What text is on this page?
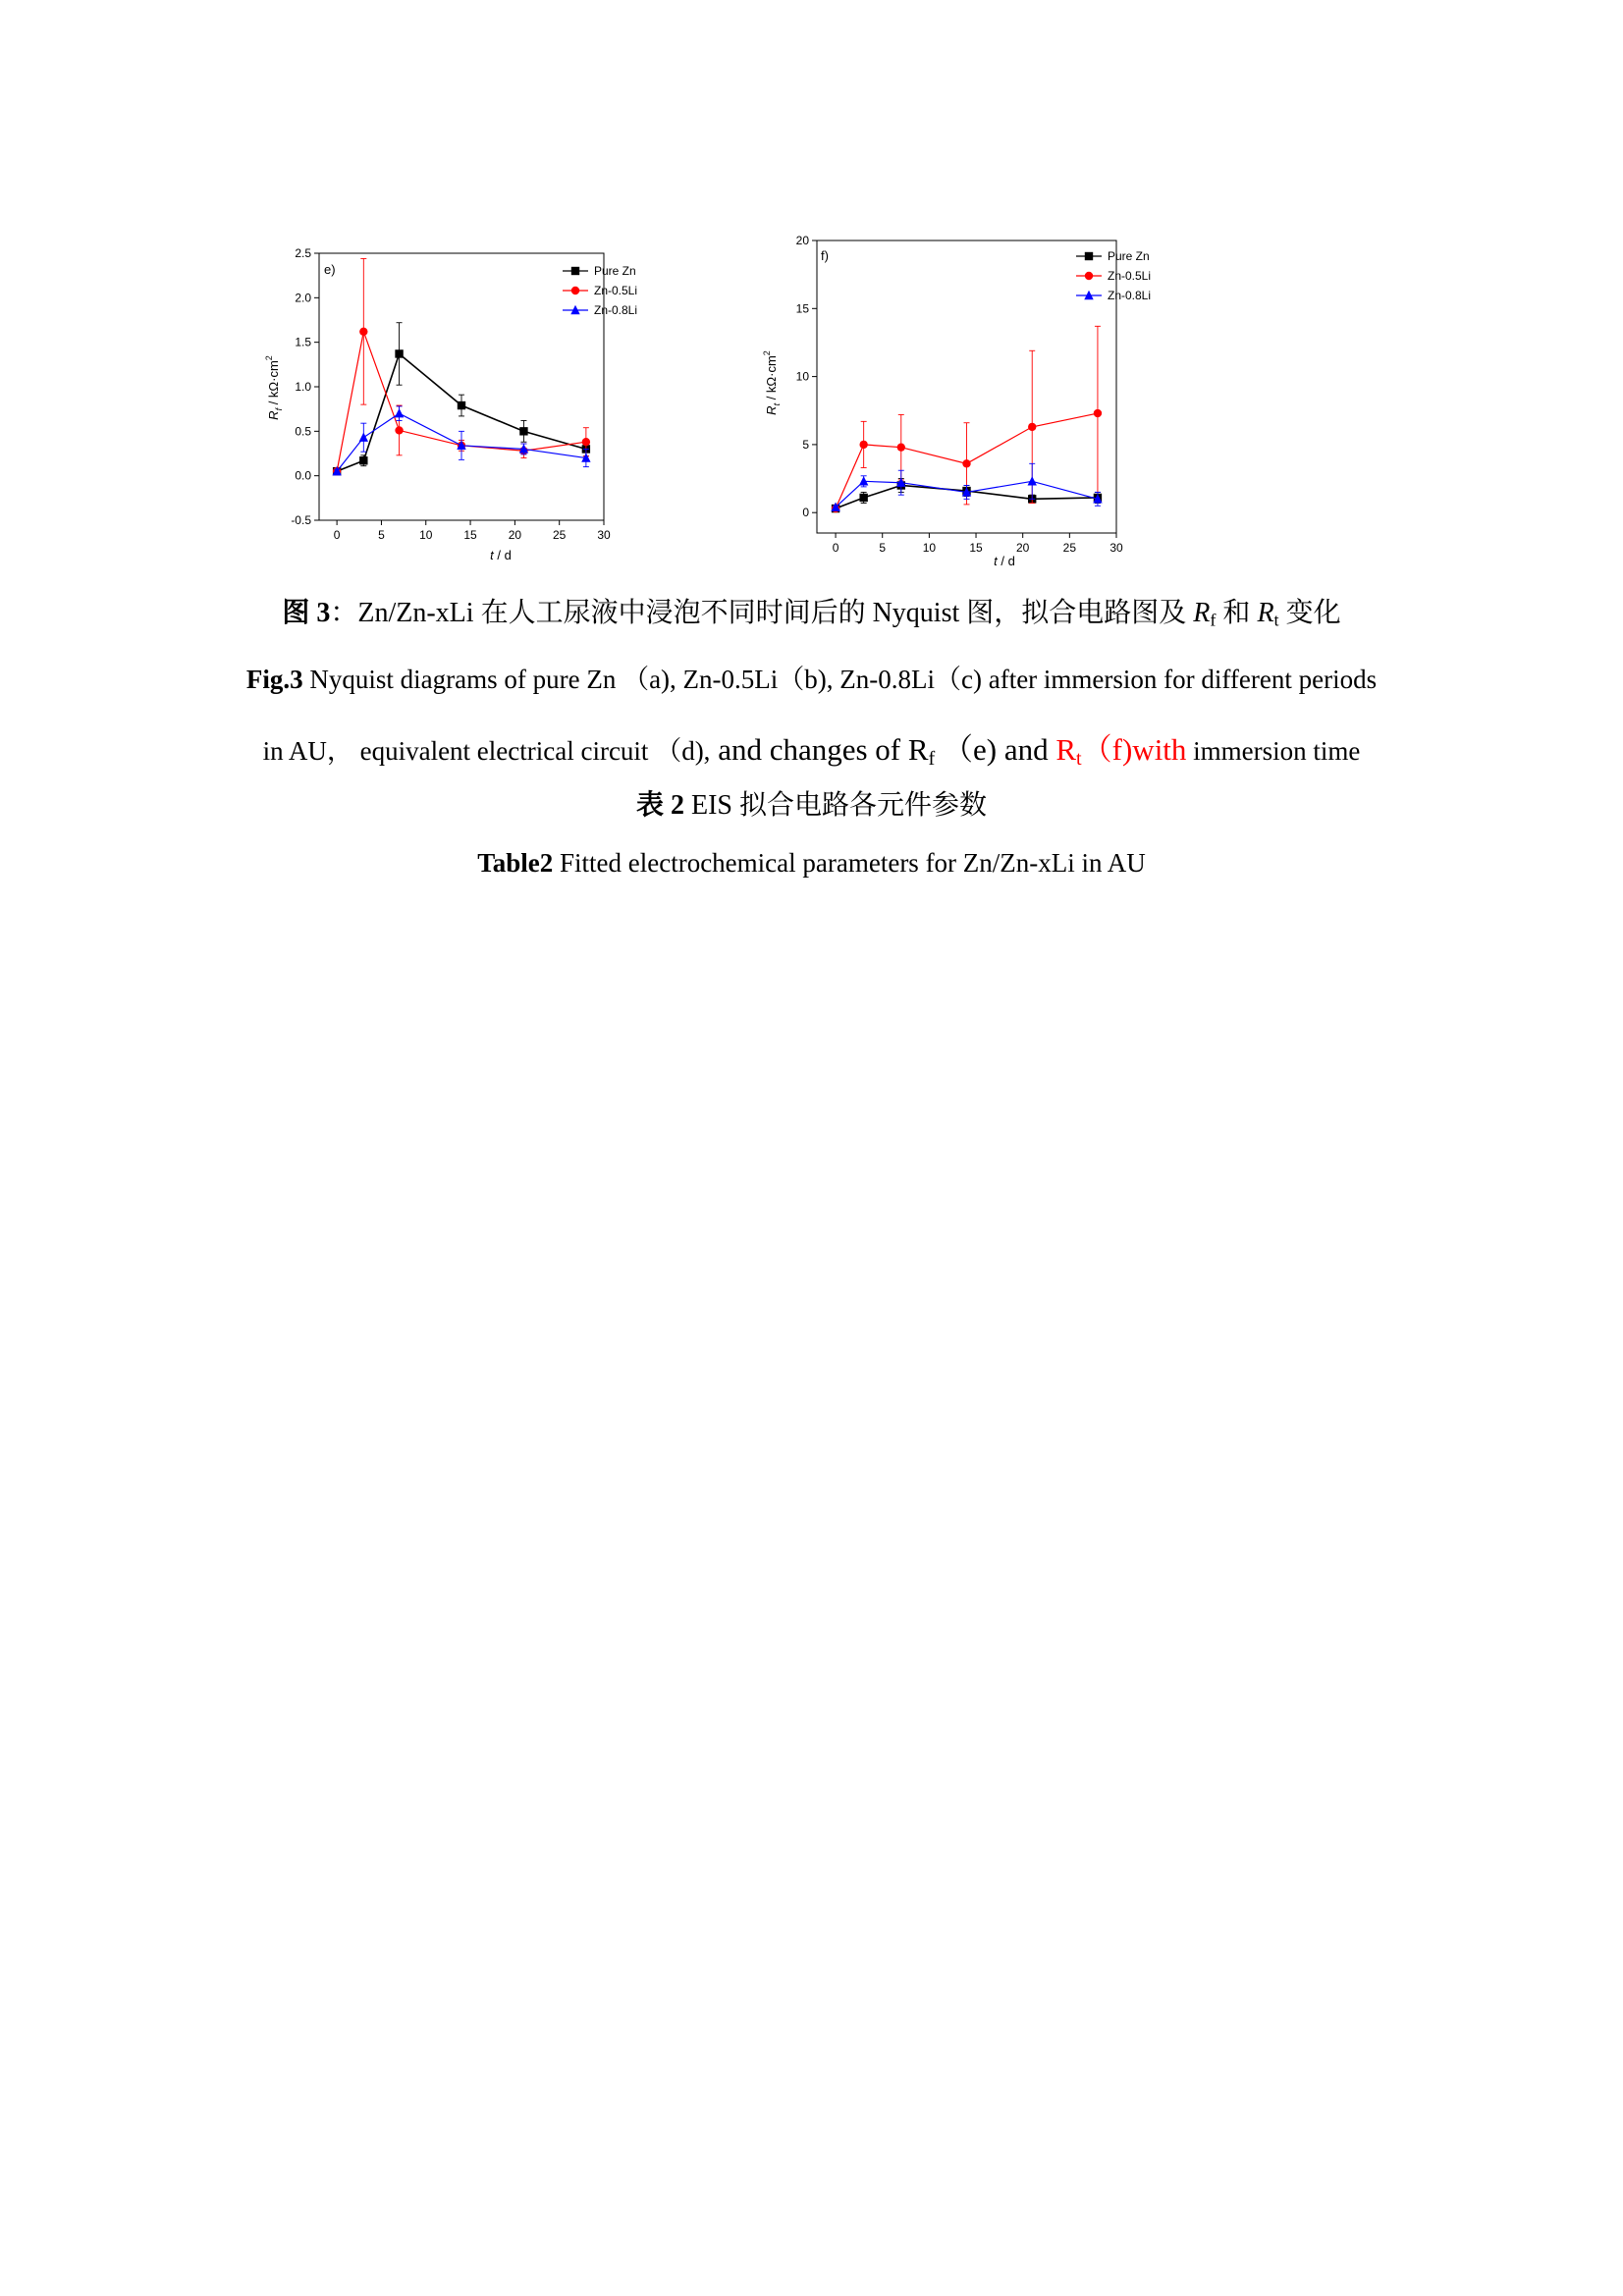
e)
$R_f / k\Omega\cdot cm^2$
t / d
-0.5
0.0
0.5
1.0
1.5
2.0
2.5
0	5	10	15	20	25	30
Pure Zn
Zn-0.5Li
Zn-0.8Li
f)
$R_t / k\Omega\cdot cm^2$
t / d
0
5
10
15
20
0	5	10	15	20	25	30
Pure Zn
Zn-0.5Li
Zn-0.8Li
图 3：Zn/Zn-xLi 在人工尿液中浸泡不同时间后的 Nyquist 图，拟合电路图及 $R_f$ 和 $R_t$ 变化
Fig.3 Nyquist diagrams of pure Zn （a), Zn-0.5Li（b), Zn-0.8Li（c) after immersion for different periods
in AU， equivalent electrical circuit （d), and changes of $R_f$ （e) and $R_t(f)with$ immersion time
表 2 EIS 拟合电路各元件参数
Table2 Fitted electrochemical parameters for Zn/Zn-xLi in AU
